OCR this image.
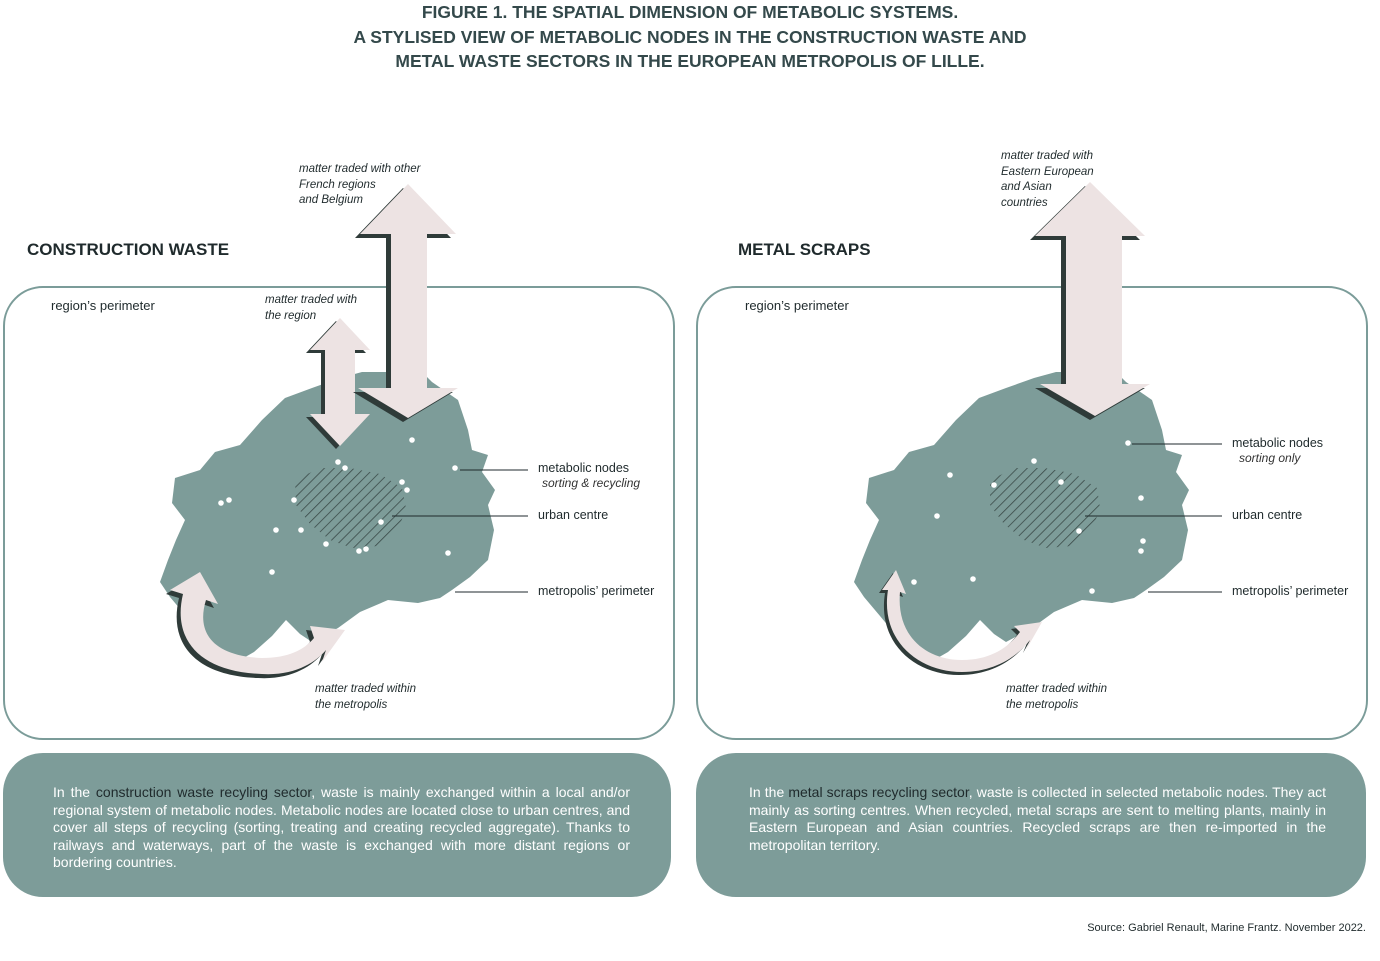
FIGURE 1. THE SPATIAL DIMENSION OF METABOLIC SYSTEMS.
A STYLISED VIEW OF METABOLIC NODES IN THE CONSTRUCTION WASTE AND
METAL WASTE SECTORS IN THE EUROPEAN METROPOLIS OF LILLE.
CONSTRUCTION WASTE	METAL SCRAPS
region’s perimeter
matter traded with other
French regions
and Belgium
matter traded with
the region
matter traded within
the metropolis
metabolic nodes
sorting & recycling
urban centre
metropolis’ perimeter
region’s perimeter
matter traded with
Eastern European
and Asian
countries
matter traded within
the metropolis
metabolic nodes
sorting only
urban centre
metropolis’ perimeter
In the construction waste recyling sector, waste is mainly exchanged within a local and/or regional system of metabolic nodes. Metabolic nodes are located close to urban centres, and cover all steps of recycling (sorting, treating and creating recycled aggregate). Thanks to railways and waterways, part of the waste is exchanged with more distant regions or bordering countries.
In the metal scraps recycling sector, waste is collected in selected metabolic nodes. They act mainly as sorting centres. When recycled, metal scraps are sent to melting plants, mainly in Eastern European and Asian countries. Recycled scraps are then re-imported in the metropolitan territory.
Source: Gabriel Renault, Marine Frantz. November 2022.
